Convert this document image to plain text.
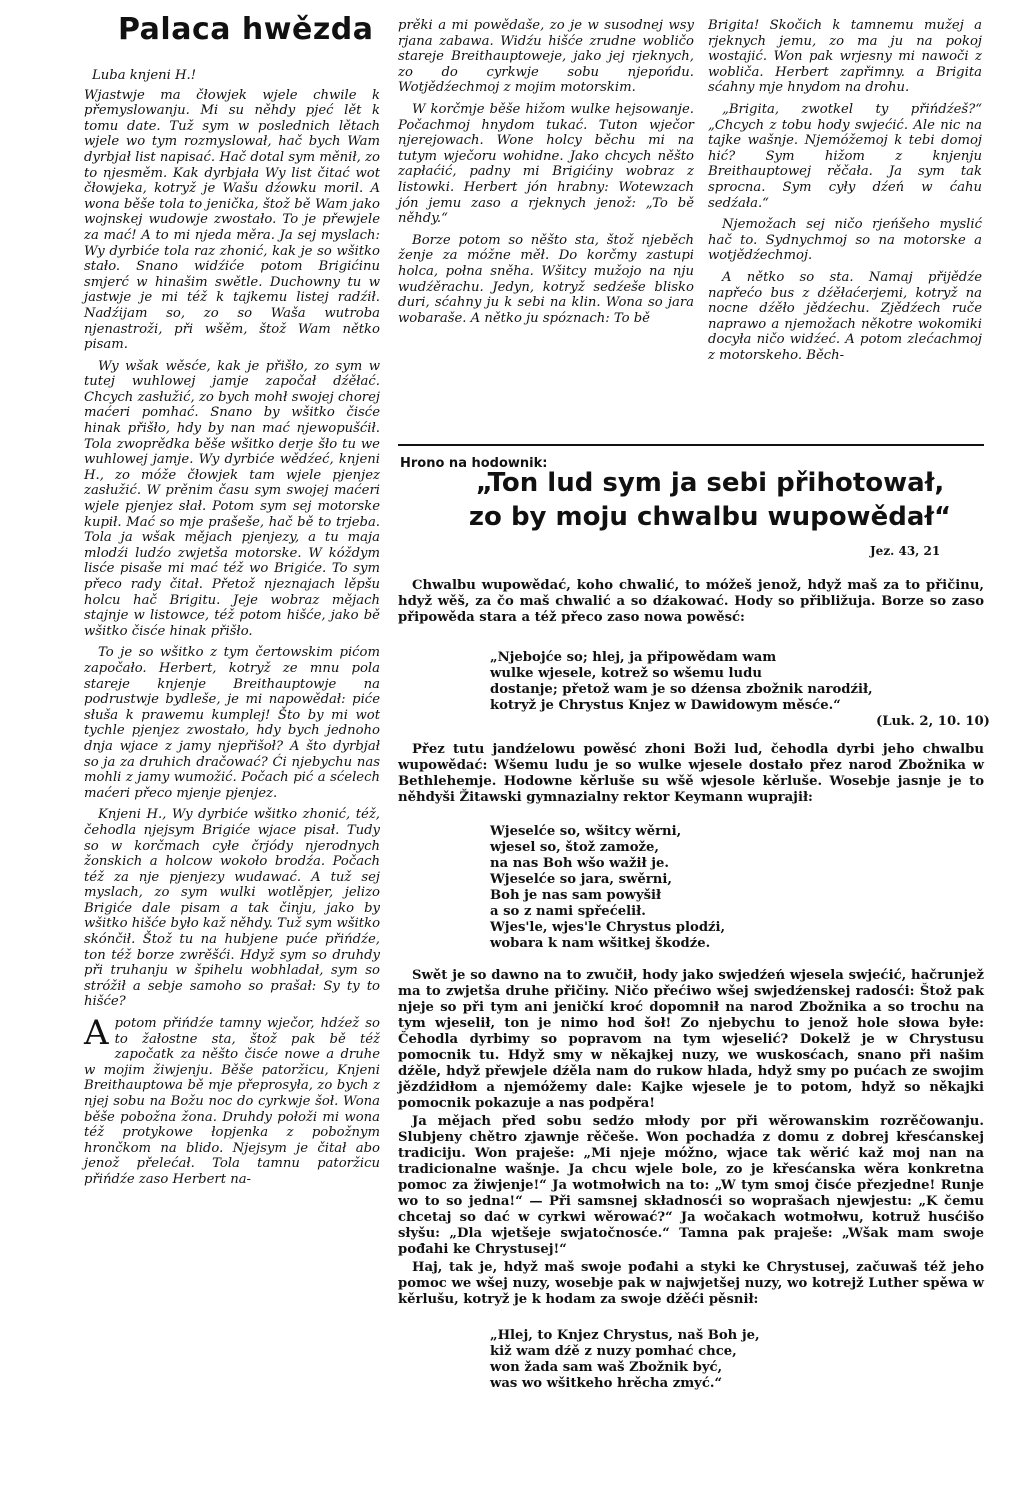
Palaca hwězda
Luba knjeni H.!

Wjastwje ma čłowjek wjele chwile k přemyslowanju. Mi su něhdy pjeć lět k tomu date. Tuž sym w poslednich lětach wjele wo tym rozmyslował, hač bych Wam dyrbjał list napisać. Hač dotal sym měnił, zo to njesměm. Kak dyrbjała Wy list čitać wot čłowjeka, kotryž je Wašu dźowku moril. A wona běše tola to jenička, štož bě Wam jako wojnskej wudowje zwostało. To je přewjele za mać! A to mi njeda měra. Ja sej myslach: Wy dyrbiće tola raz zhonić, kak je so wšitko stało. Snano widźiće potom Brigićinu smjerć w hinašim swětle. Duchowny tu w jastwje je mi též k tajkemu listej radźił. Nadźijam so, zo so Waša wutroba njenastroži, při wšěm, štož Wam nětko pisam.

Wy wšak wěsće, kak je přišło, zo sym w tutej wuhlowej jamje započał dźěłać. Chcych zasłužić, zo bych mohł swojej chorej maćeri pomhać. Snano by wšitko čisće hinak přišło, hdy by nan mać njewopušćił. Tola zwoprědka běše wšitko derje šło tu we wuhlowej jamje. Wy dyrbiće wědźeć, knjeni H., zo móže čłowjek tam wjele pjenjez zasłužić. W prěnim času sym swojej maćeri wjele pjenjez słał. Potom sym sej motorske kupił. Mać so mje prašeše, hač bě to trjeba. Tola ja wšak mějach pjenjezy, a tu maja mlodźi ludźo zwjetša motorske. W kóždym lisće pisaše mi mać též wo Brigiće. To sym přeco rady čitał. Přetož njeznajach lěpšu holcu hač Brigitu. Jeje wobraz mějach stajnje w listowce, též potom hišće, jako bě wšitko čisće hinak přišło.

To je so wšitko z tym čertowskim pićom započało. Herbert, kotryž ze mnu pola stareje knjenje Breithauptowje na podrustwje bydleše, je mi napowědał: piće słuša k prawemu kumplej! Što by mi wot tychle pjenjez zwostało, hdy bych jednoho dnja wjace z jamy njepřišoł? A što dyrbjał so ja za druhich dračować? Ći njebychu nas mohli z jamy wumožić. Počach pić a sćelech maćeri přeco mjenje pjenjez.

Knjeni H., Wy dyrbiće wšitko zhonić, též, čehodla njejsym Brigiće wjace pisał. Tudy so w korčmach cyłe črjódy njerodnych žonskich a holcow wokoło brodźa. Počach též za nje pjenjezy wudawać. A tuž sej myslach, zo sym wulki wotlěpjer, jelizo Brigiće dale pisam a tak činju, jako by wšitko hišće było kaž něhdy. Tuž sym wšitko skónčił. Štož tu na hubjene puće přińdźe, ton též borze zwrěšći. Hdyž sym so druhdy při truhanju w špihelu wobhladał, sym so stróžił a sebje samoho so prašał: Sy ty to hišće?

Apotom přińdźe tamny wječor, hdźež so to žałostne sta, štož pak bě též započatk za něšto čisće nowe a druhe w mojim žiwjenju. Běše patoržicu, Knjeni Breithauptowa bě mje přeprosyła, zo bych z njej sobu na Božu noc do cyrkwje šoł. Wona běše pobožna žona. Druhdy połoži mi wona též protykowe łopjenka z pobožnym hrončkom na blido. Njejsym je čitał abo jenož přelećał. Tola tamnu patoržicu přińdźe zaso Herbert na-

prěki a mi powědaše, zo je w susodnej wsy rjana zabawa. Widźu hišće zrudne wobličo stareje Breithauptoweje, jako jej rjeknych, zo do cyrkwje sobu njepońdu. Wotjědźechmoj z mojim motorskim.

W korčmje běše hižom wulke hejsowanje. Počachmoj hnydom tukać. Tuton wječor njerejowach. Wone holcy běchu mi na tutym wječoru wohidne. Jako chcych něšto zapłaćić, padny mi Brigićiny wobraz z listowki. Herbert jón hrabny: Wotewzach jón jemu zaso a rjeknych jenož: „To bě něhdy.“

Borze potom so něšto sta, štož njeběch ženje za móžne měł. Do korčmy zastupi holca, połna sněha. Wšitcy mužojo na nju wudźěrachu. Jedyn, kotryž sedźeše blisko duri, sćahny ju k sebi na klin. Wona so jara wobaraše. A nětko ju spóznach: To bě

Brigita! Skočich k tamnemu mužej a rjeknych jemu, zo ma ju na pokoj wostajić. Won pak wrjesny mi nawoči z wobliča. Herbert zapřimny. a Brigita sćahny mje hnydom na drohu.

„Brigita, zwotkel ty přińdźeš?“ „Chcych z tobu hody swjećić. Ale nic na tajke wašnje. Njemóžemoj k tebi domoj hić? Sym hižom z knjenju Breithauptowej rěčała. Ja sym tak sprocna. Sym cyły dźeń w ćahu sedźała.“

Njemožach sej ničo rjeńšeho myslić hač to. Sydnychmoj so na motorske a wotjědźechmoj.

A nětko so sta. Namaj přijědźe napřećo bus z dźěłaćerjemi, kotryž na nocne dźěło jědźechu. Zjědźech ruče naprawo a njemožach někotre wokomiki docyła ničo widźeć. A potom zlećachmoj z motorskeho. Běch-

Hrono na hodownik:
„Ton lud sym ja sebi přihotował,
zo by moju chwalbu wupowědał“
Jez. 43, 21

Chwalbu wupowědać, koho chwalić, to móžeš jenož, hdyž maš za to přičinu, hdyž wěš, za čo maš chwalić a so dźakować. Hody so přibližuja. Borze so zaso připowěda stara a též přeco zaso nowa powěsć:

„Njebojće so; hlej, ja připowědam wam
wulke wjesele, kotrež so wšemu ludu
dostanje; přetož wam je so dźensa zbožnik narodźił,
kotryž je Chrystus Knjez w Dawidowym měsće.“
(Luk. 2, 10. 10)

Přez tutu jandźelowu powěsć zhoni Boži lud, čehodla dyrbi jeho chwalbu wupowědać: Wšemu ludu je so wulke wjesele dostało přez narod Zbožnika w Bethlehemje. Hodowne kěrluše su wšě wjesole kěrluše. Wosebje jasnje je to něhdyši Žitawski gymnazialny rektor Keymann wuprajił:

Wjeselće so, wšitcy wěrni,
wjesel so, štož zamože,
na nas Boh wšo wažił je.
Wjeselće so jara, swěrni,
Boh je nas sam powyšił
a so z nami spřećelił.
Wjes'le, wjes'le Chrystus plodźi,
wobara k nam wšitkej škodźe.

Swět je so dawno na to zwučił, hody jako swjedźeń wjesela swjećić, hačrunjež ma to zwjetša druhe přičiny. Ničo přećiwo wšej swjedźenskej radosći: Štož pak njeje so při tym ani jeničkí kroć dopomnił na narod Zbožnika a so trochu na tym wjeselił, ton je nimo hod šoł! Zo njebychu to jenož hole słowa byłe: Čehodla dyrbimy so popravom na tym wjeselić? Dokelž je w Chrystusu pomocnik tu. Hdyž smy w někajkej nuzy, we wuskosćach, snano při našim dźěle, hdyž přewjele dźěla nam do rukow hlada, hdyž smy po pućach ze swojim jězdźidłom a njemóžemy dale: Kajke wjesele je to potom, hdyž so někajki pomocnik pokazuje a nas podpěra!

Ja mějach před sobu sedźo młody por při wěrowanskim rozrěčowanju. Slubjeny chětro zjawnje rěčeše. Won pochadźa z domu z dobrej křesćanskej tradiciju. Won praješe: „Mi njeje móžno, wjace tak wěrić kaž moj nan na tradicionalne wašnje. Ja chcu wjele bole, zo je křesćanska wěra konkretna pomoc za žiwjenje!“ Ja wotmołwich na to: „W tym smoj čisće přezjedne! Runje wo to so jedna!“ — Při samsnej składnosći so woprašach njewjestu: „K čemu chcetaj so dać w cyrkwi wěrować?“ Ja wočakach wotmołwu, kotruž husćišo słyšu: „Dla wjetšeje swjatočnosće.“ Tamna pak praješe: „Wšak mam swoje pođahi ke Chrystusej!“

Haj, tak je, hdyž maš swoje pođahi a styki ke Chrystusej, začuwaš též jeho pomoc we wšej nuzy, wosebje pak w najwjetšej nuzy, wo kotrejž Luther spěwa w kěrlušu, kotryž je k hodam za swoje dźěći pěsnił:

„Hlej, to Knjez Chrystus, naš Boh je,
kiž wam dźě z nuzy pomhać chce,
won žada sam waš Zbožnik być,
was wo wšitkeho hrěcha zmyć.“
